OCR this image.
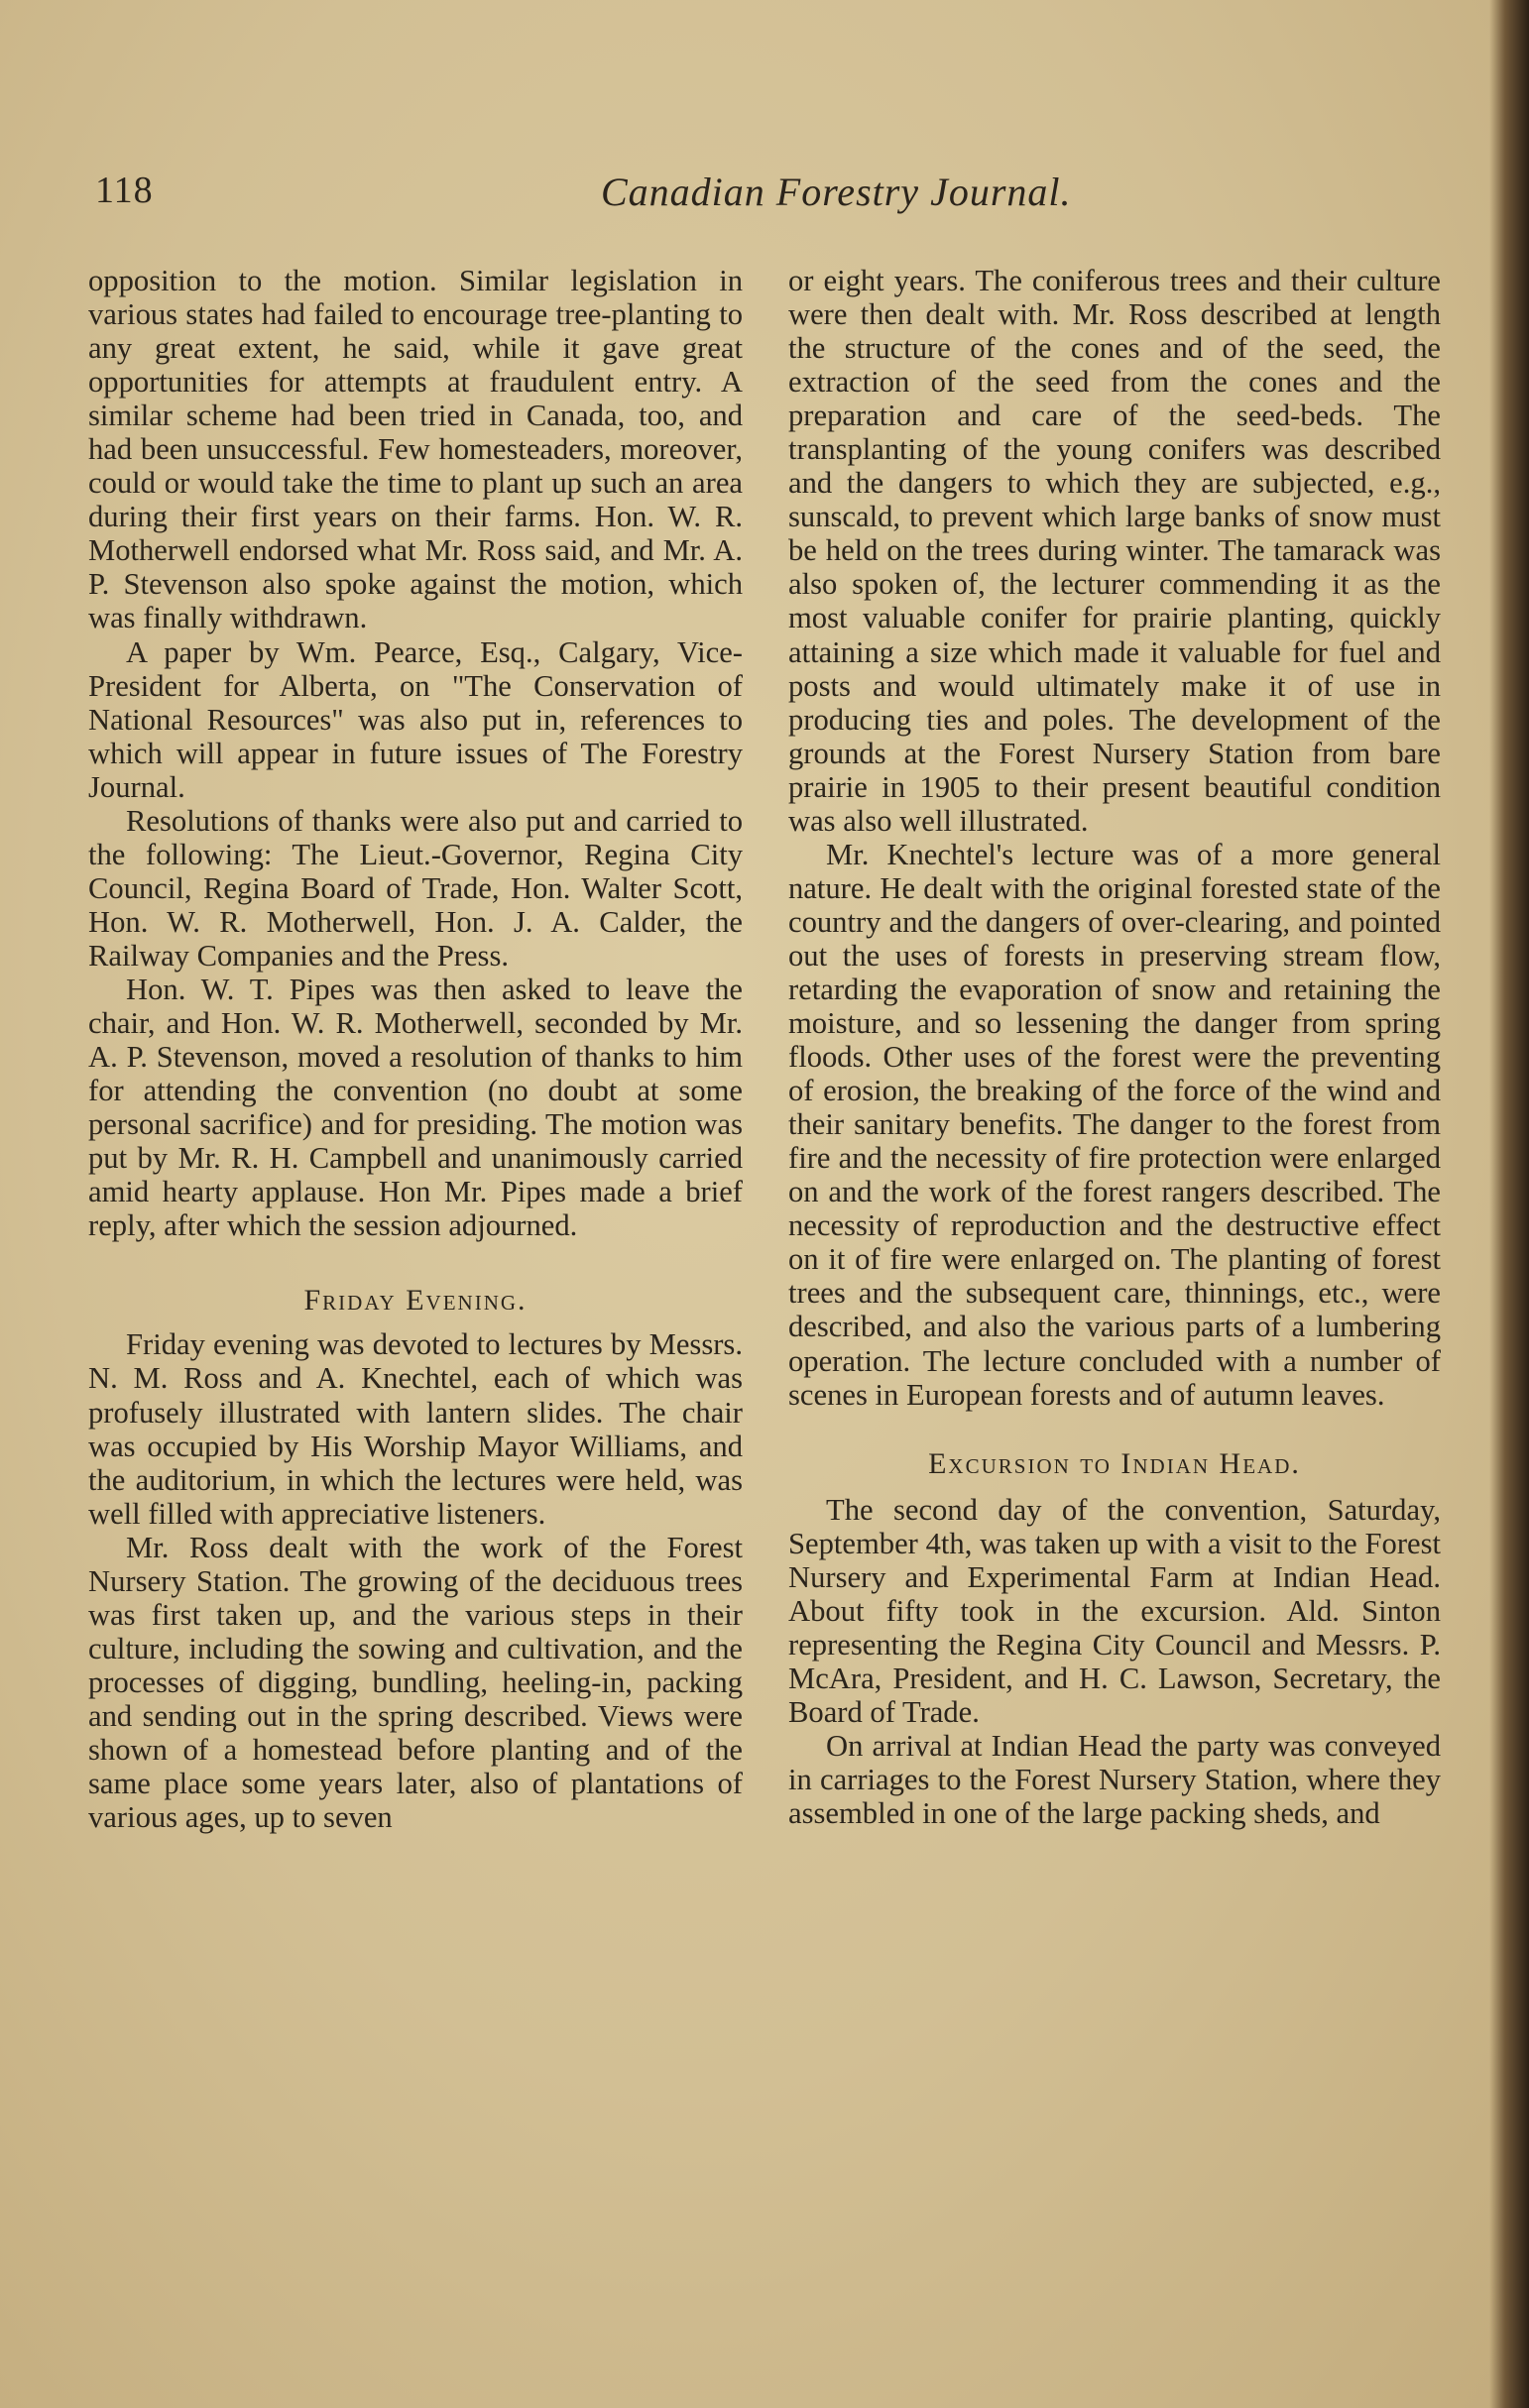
118	Canadian Forestry Journal.

opposition to the motion. Similar legislation in various states had failed to encourage tree-planting to any great extent, he said, while it gave great opportunities for attempts at fraudulent entry. A similar scheme had been tried in Canada, too, and had been unsuccessful. Few homesteaders, moreover, could or would take the time to plant up such an area during their first years on their farms. Hon. W. R. Motherwell endorsed what Mr. Ross said, and Mr. A. P. Stevenson also spoke against the motion, which was finally withdrawn.

A paper by Wm. Pearce, Esq., Calgary, Vice-President for Alberta, on "The Conservation of National Resources" was also put in, references to which will appear in future issues of The Forestry Journal.

Resolutions of thanks were also put and carried to the following: The Lieut.-Governor, Regina City Council, Regina Board of Trade, Hon. Walter Scott, Hon. W. R. Motherwell, Hon. J. A. Calder, the Railway Companies and the Press.

Hon. W. T. Pipes was then asked to leave the chair, and Hon. W. R. Motherwell, seconded by Mr. A. P. Stevenson, moved a resolution of thanks to him for attending the convention (no doubt at some personal sacrifice) and for presiding. The motion was put by Mr. R. H. Campbell and unanimously carried amid hearty applause. Hon Mr. Pipes made a brief reply, after which the session adjourned.

Friday Evening.

Friday evening was devoted to lectures by Messrs. N. M. Ross and A. Knechtel, each of which was profusely illustrated with lantern slides. The chair was occupied by His Worship Mayor Williams, and the auditorium, in which the lectures were held, was well filled with appreciative listeners.

Mr. Ross dealt with the work of the Forest Nursery Station. The growing of the deciduous trees was first taken up, and the various steps in their culture, including the sowing and cultivation, and the processes of digging, bundling, heeling-in, packing and sending out in the spring described. Views were shown of a homestead before planting and of the same place some years later, also of plantations of various ages, up to seven

or eight years. The coniferous trees and their culture were then dealt with. Mr. Ross described at length the structure of the cones and of the seed, the extraction of the seed from the cones and the preparation and care of the seed-beds. The transplanting of the young conifers was described and the dangers to which they are subjected, e.g., sunscald, to prevent which large banks of snow must be held on the trees during winter. The tamarack was also spoken of, the lecturer commending it as the most valuable conifer for prairie planting, quickly attaining a size which made it valuable for fuel and posts and would ultimately make it of use in producing ties and poles. The development of the grounds at the Forest Nursery Station from bare prairie in 1905 to their present beautiful condition was also well illustrated.

Mr. Knechtel's lecture was of a more general nature. He dealt with the original forested state of the country and the dangers of over-clearing, and pointed out the uses of forests in preserving stream flow, retarding the evaporation of snow and retaining the moisture, and so lessening the danger from spring floods. Other uses of the forest were the preventing of erosion, the breaking of the force of the wind and their sanitary benefits. The danger to the forest from fire and the necessity of fire protection were enlarged on and the work of the forest rangers described. The necessity of reproduction and the destructive effect on it of fire were enlarged on. The planting of forest trees and the subsequent care, thinnings, etc., were described, and also the various parts of a lumbering operation. The lecture concluded with a number of scenes in European forests and of autumn leaves.

Excursion to Indian Head.

The second day of the convention, Saturday, September 4th, was taken up with a visit to the Forest Nursery and Experimental Farm at Indian Head. About fifty took in the excursion. Ald. Sinton representing the Regina City Council and Messrs. P. McAra, President, and H. C. Lawson, Secretary, the Board of Trade.

On arrival at Indian Head the party was conveyed in carriages to the Forest Nursery Station, where they assembled in one of the large packing sheds, and
